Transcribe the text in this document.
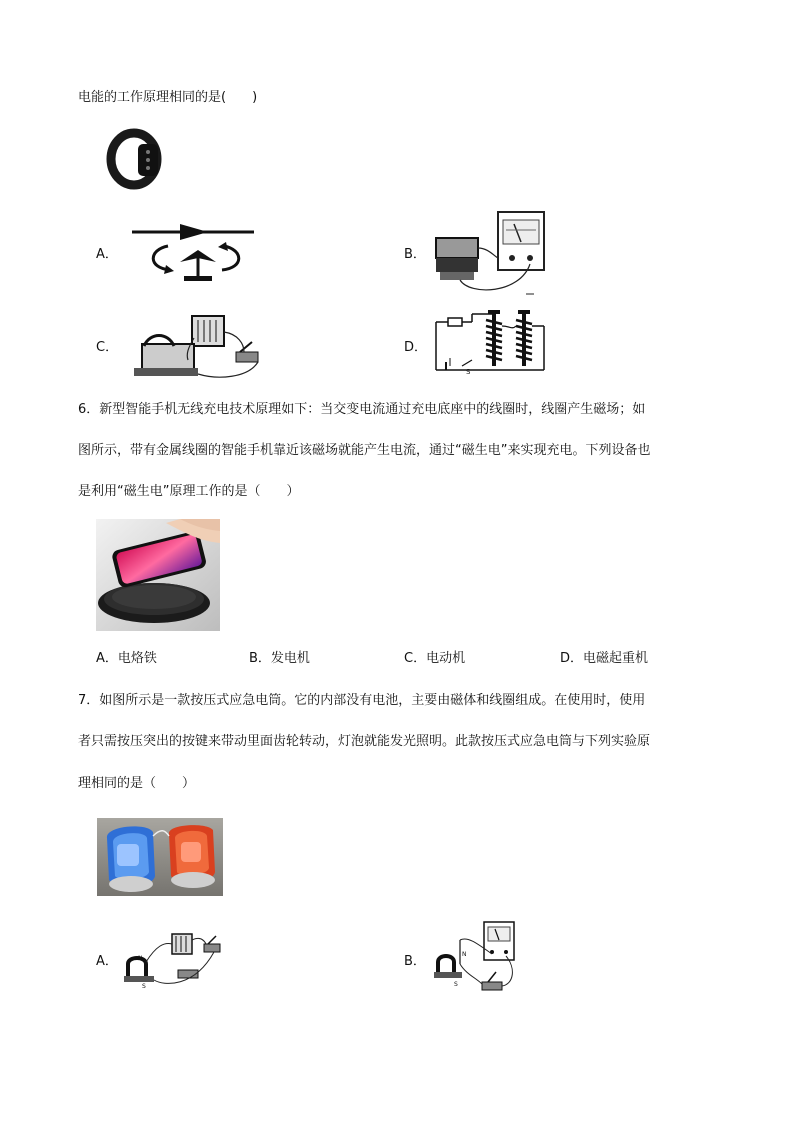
电能的工作原理相同的是(　　)
A．	B．
C．	D．
S
6．新型智能手机无线充电技术原理如下：当交变电流通过充电底座中的线圈时，线圈产生磁场；如
图所示，带有金属线圈的智能手机靠近该磁场就能产生电流，通过“磁生电”来实现充电。下列设备也
是利用“磁生电”原理工作的是（　　）
A．电烙铁	B．发电机	C．电动机	D．电磁起重机
7．如图所示是一款按压式应急电筒。它的内部没有电池，主要由磁体和线圈组成。在使用时，使用
者只需按压突出的按键来带动里面齿轮转动，灯泡就能发光照明。此款按压式应急电筒与下列实验原
理相同的是（　　）
A．	N
S
B．	N
S
